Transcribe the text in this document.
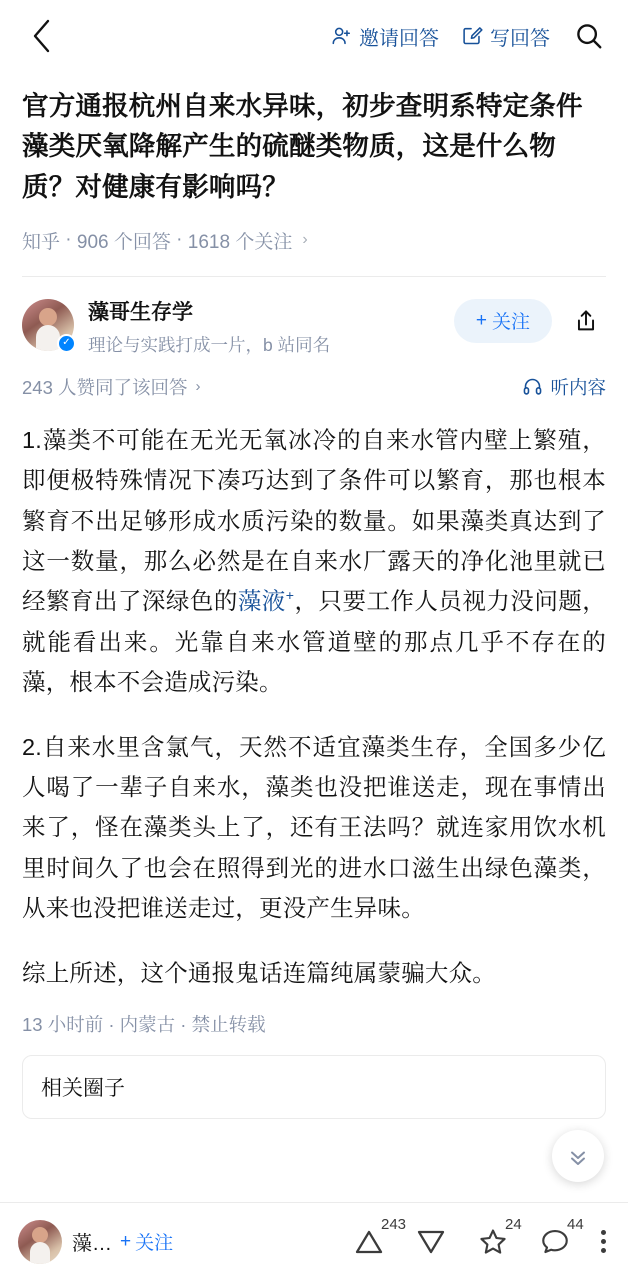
邀请回答	写回答
官方通报杭州自来水异味，初步查明系特定条件藻类厌氧降解产生的硫醚类物质，这是什么物质？对健康有影响吗？
知乎 · 906 个回答 · 1618 个关注 ›
✓
藻哥生存学
理论与实践打成一片，b 站同名
+ 关注
243 人赞同了该回答 ›	听内容

1.藻类不可能在无光无氧冰冷的自来水管内壁上繁殖，即便极特殊情况下凑巧达到了条件可以繁育，那也根本繁育不出足够形成水质污染的数量。如果藻类真达到了这一数量，那么必然是在自来水厂露天的净化池里就已经繁育出了深绿色的藻液+，只要工作人员视力没问题，就能看出来。光靠自来水管道壁的那点几乎不存在的藻，根本不会造成污染。

2.自来水里含氯气，天然不适宜藻类生存，全国多少亿人喝了一辈子自来水，藻类也没把谁送走，现在事情出来了，怪在藻类头上了，还有王法吗？就连家用饮水机里时间久了也会在照得到光的进水口滋生出绿色藻类，从来也没把谁送走过，更没产生异味。

综上所述，这个通报鬼话连篇纯属蒙骗大众。

13 小时前 · 内蒙古 · 禁止转载
相关圈子
藻… + 关注
243	24	44
